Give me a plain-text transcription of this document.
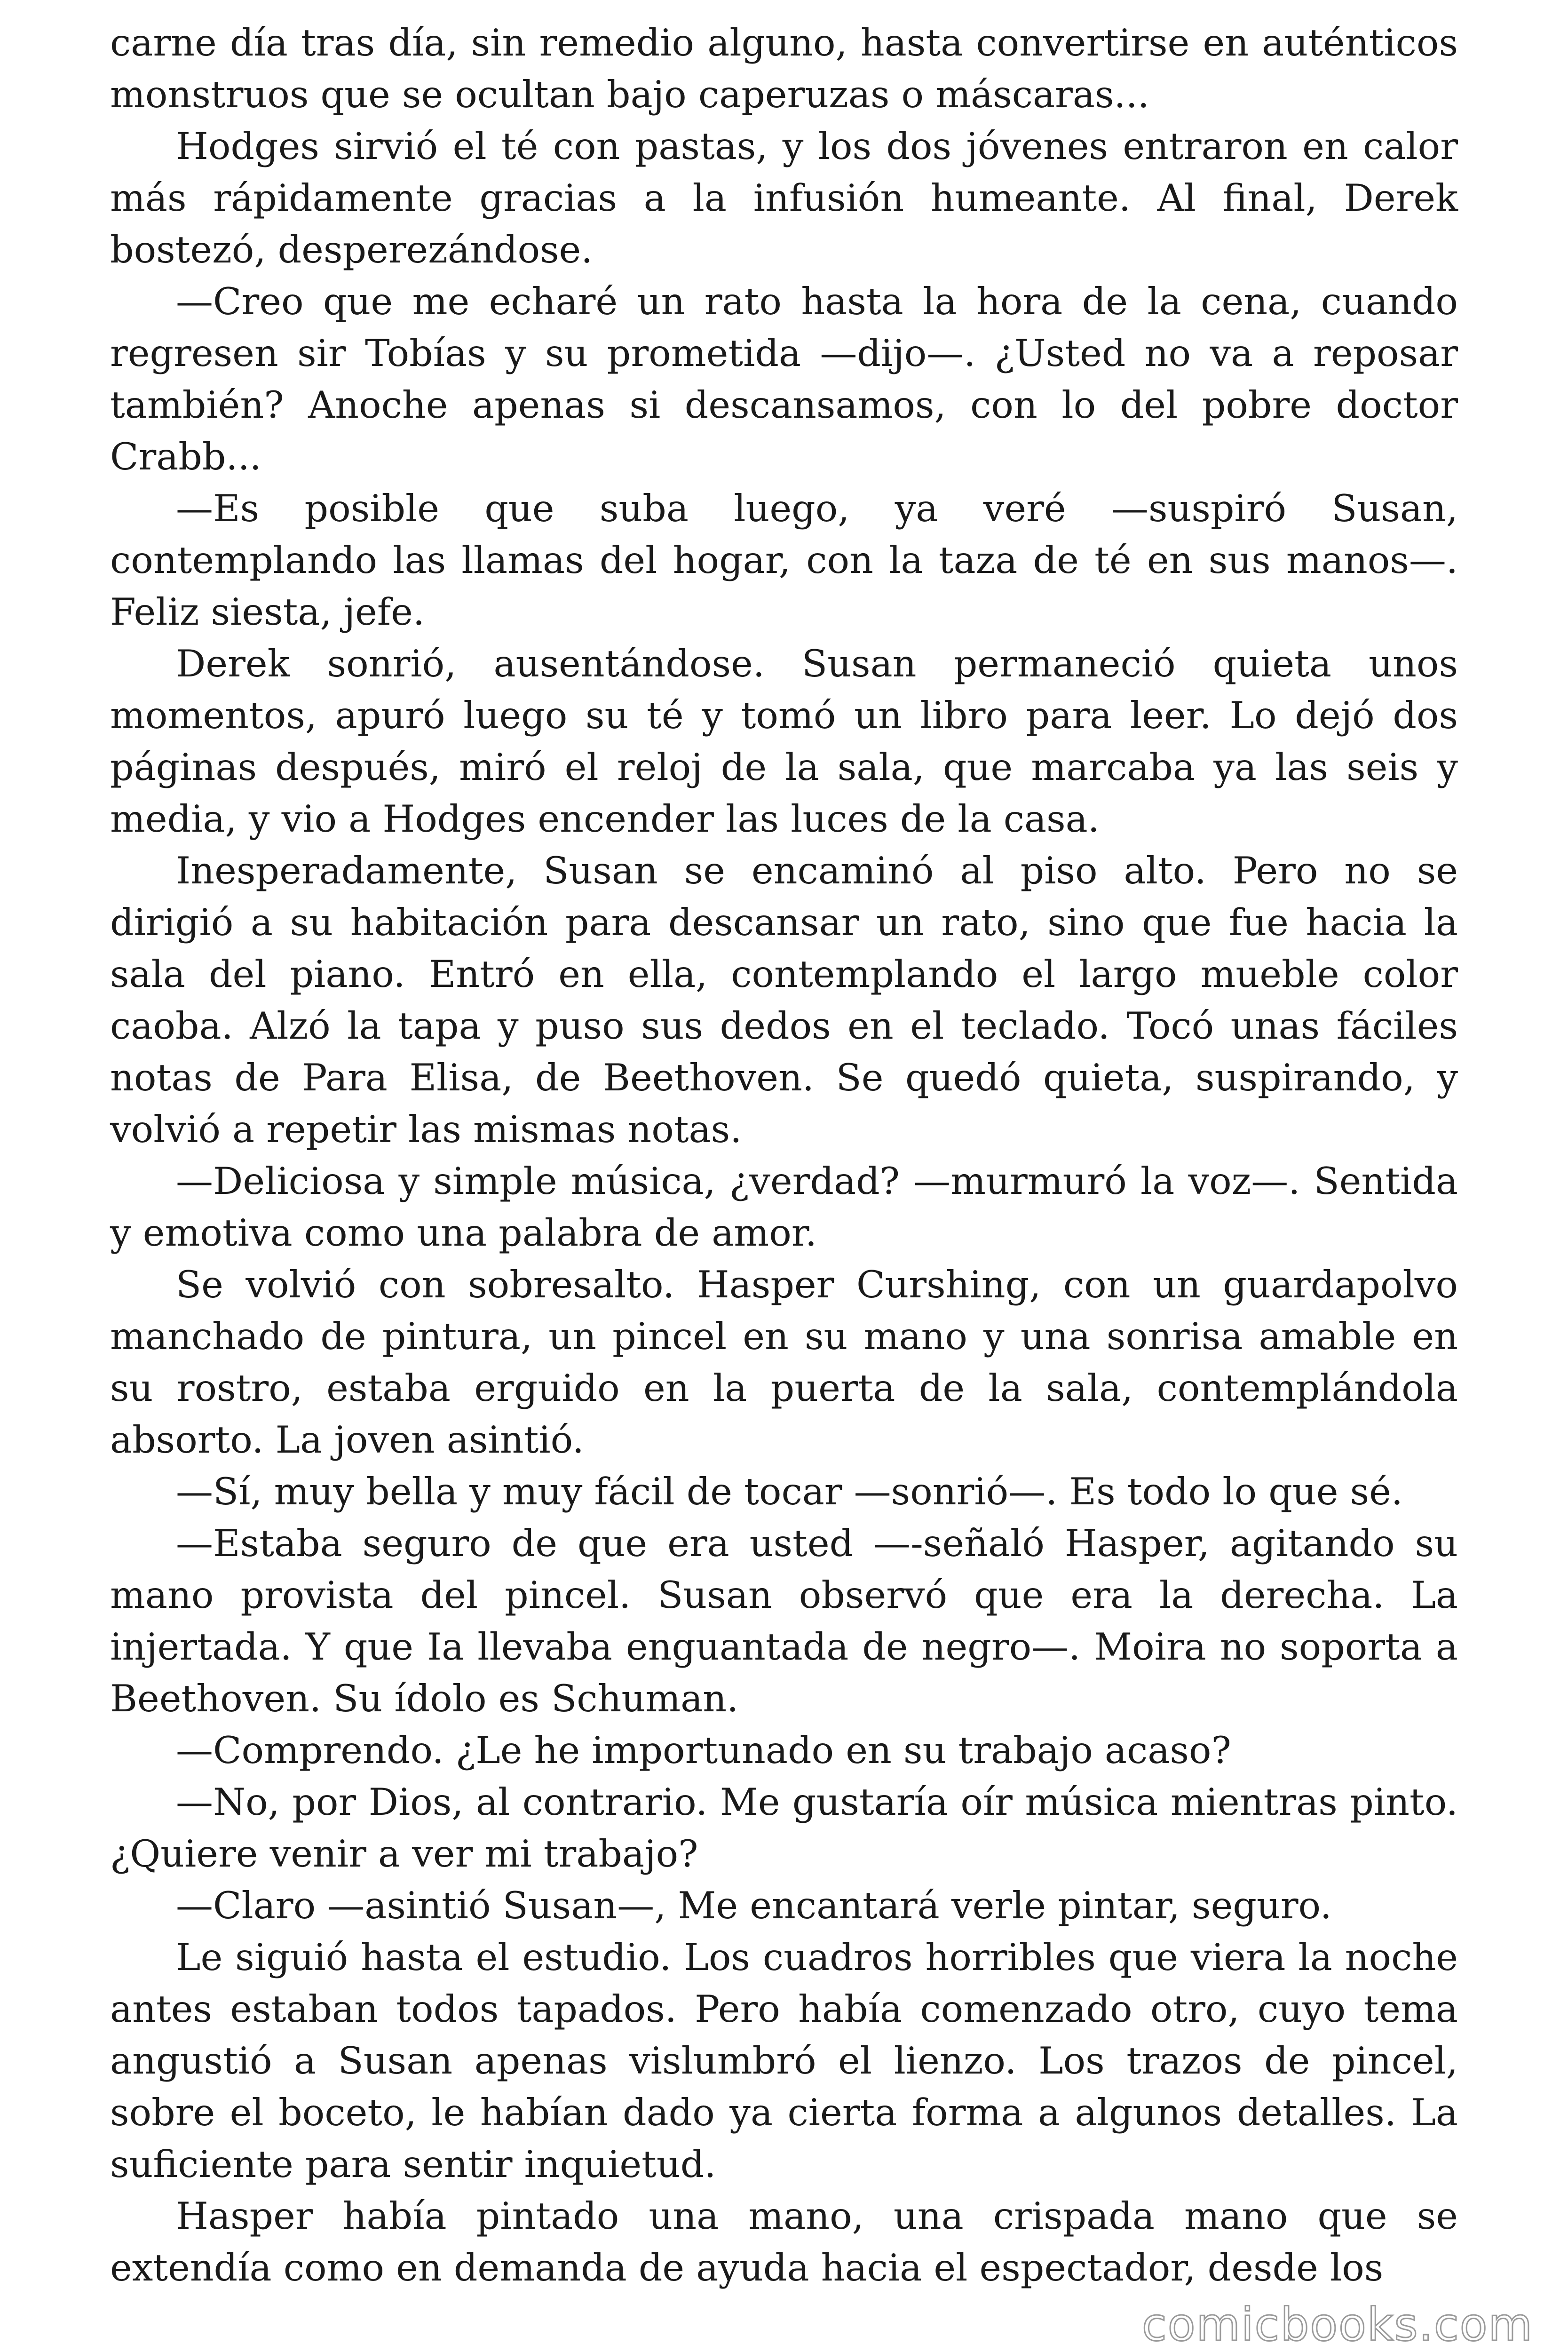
carne día tras día, sin remedio alguno, hasta convertirse en auténticos monstruos que se ocultan bajo caperuzas o máscaras...

Hodges sirvió el té con pastas, y los dos jóvenes entraron en calor más rápidamente gracias a la infusión humeante. Al final, Derek bostezó, desperezándose.

—Creo que me echaré un rato hasta la hora de la cena, cuando regresen sir Tobías y su prometida —dijo—. ¿Usted no va a reposar también? Anoche apenas si descansamos, con lo del pobre doctor Crabb...

—Es posible que suba luego, ya veré —suspiró Susan, contemplando las llamas del hogar, con la taza de té en sus manos—. Feliz siesta, jefe.

Derek sonrió, ausentándose. Susan permaneció quieta unos momentos, apuró luego su té y tomó un libro para leer. Lo dejó dos páginas después, miró el reloj de la sala, que marcaba ya las seis y media, y vio a Hodges encender las luces de la casa.

Inesperadamente, Susan se encaminó al piso alto. Pero no se dirigió a su habitación para descansar un rato, sino que fue hacia la sala del piano. Entró en ella, contemplando el largo mueble color caoba. Alzó la tapa y puso sus dedos en el teclado. Tocó unas fáciles notas de Para Elisa, de Beethoven. Se quedó quieta, suspirando, y volvió a repetir las mismas notas.

—Deliciosa y simple música, ¿verdad? —murmuró la voz—. Sentida y emotiva como una palabra de amor.

Se volvió con sobresalto. Hasper Curshing, con un guardapolvo manchado de pintura, un pincel en su mano y una sonrisa amable en su rostro, estaba erguido en la puerta de la sala, contemplándola absorto. La joven asintió.

—Sí, muy bella y muy fácil de tocar —sonrió—. Es todo lo que sé.

—Estaba seguro de que era usted —-señaló Hasper, agitando su mano provista del pincel. Susan observó que era la derecha. La injertada. Y que Ia llevaba enguantada de negro—. Moira no soporta a Beethoven. Su ídolo es Schuman.

—Comprendo. ¿Le he importunado en su trabajo acaso?

—No, por Dios, al contrario. Me gustaría oír música mientras pinto. ¿Quiere venir a ver mi trabajo?

—Claro —asintió Susan—, Me encantará verle pintar, seguro.

Le siguió hasta el estudio. Los cuadros horribles que viera la noche antes estaban todos tapados. Pero había comenzado otro, cuyo tema angustió a Susan apenas vislumbró el lienzo. Los trazos de pincel, sobre el boceto, le habían dado ya cierta forma a algunos detalles. La suficiente para sentir inquietud.

Hasper había pintado una mano, una crispada mano que se extendía como en demanda de ayuda hacia el espectador, desde los

comicbooks.com
